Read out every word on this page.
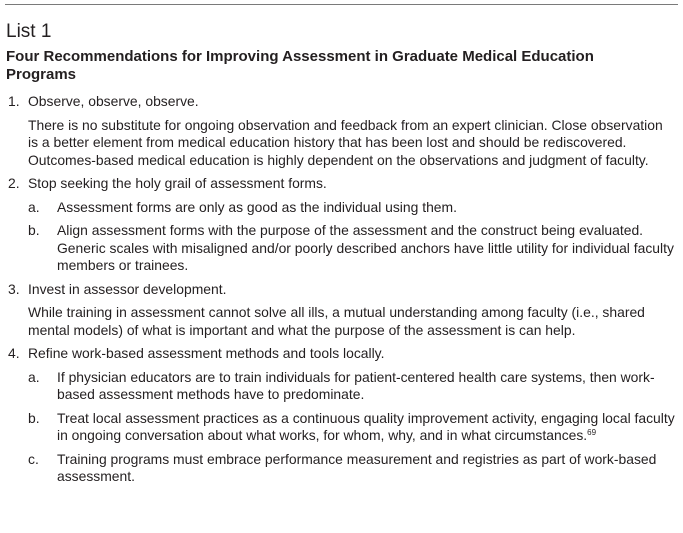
List 1
Four Recommendations for Improving Assessment in Graduate Medical Education Programs
1. Observe, observe, observe.
There is no substitute for ongoing observation and feedback from an expert clinician. Close observation is a better element from medical education history that has been lost and should be rediscovered. Outcomes-based medical education is highly dependent on the observations and judgment of faculty.
2. Stop seeking the holy grail of assessment forms.
a. Assessment forms are only as good as the individual using them.
b. Align assessment forms with the purpose of the assessment and the construct being evaluated. Generic scales with misaligned and/or poorly described anchors have little utility for individual faculty members or trainees.
3. Invest in assessor development.
While training in assessment cannot solve all ills, a mutual understanding among faculty (i.e., shared mental models) of what is important and what the purpose of the assessment is can help.
4. Refine work-based assessment methods and tools locally.
a. If physician educators are to train individuals for patient-centered health care systems, then work-based assessment methods have to predominate.
b. Treat local assessment practices as a continuous quality improvement activity, engaging local faculty in ongoing conversation about what works, for whom, why, and in what circumstances.$^{69}$
c. Training programs must embrace performance measurement and registries as part of work-based assessment.
